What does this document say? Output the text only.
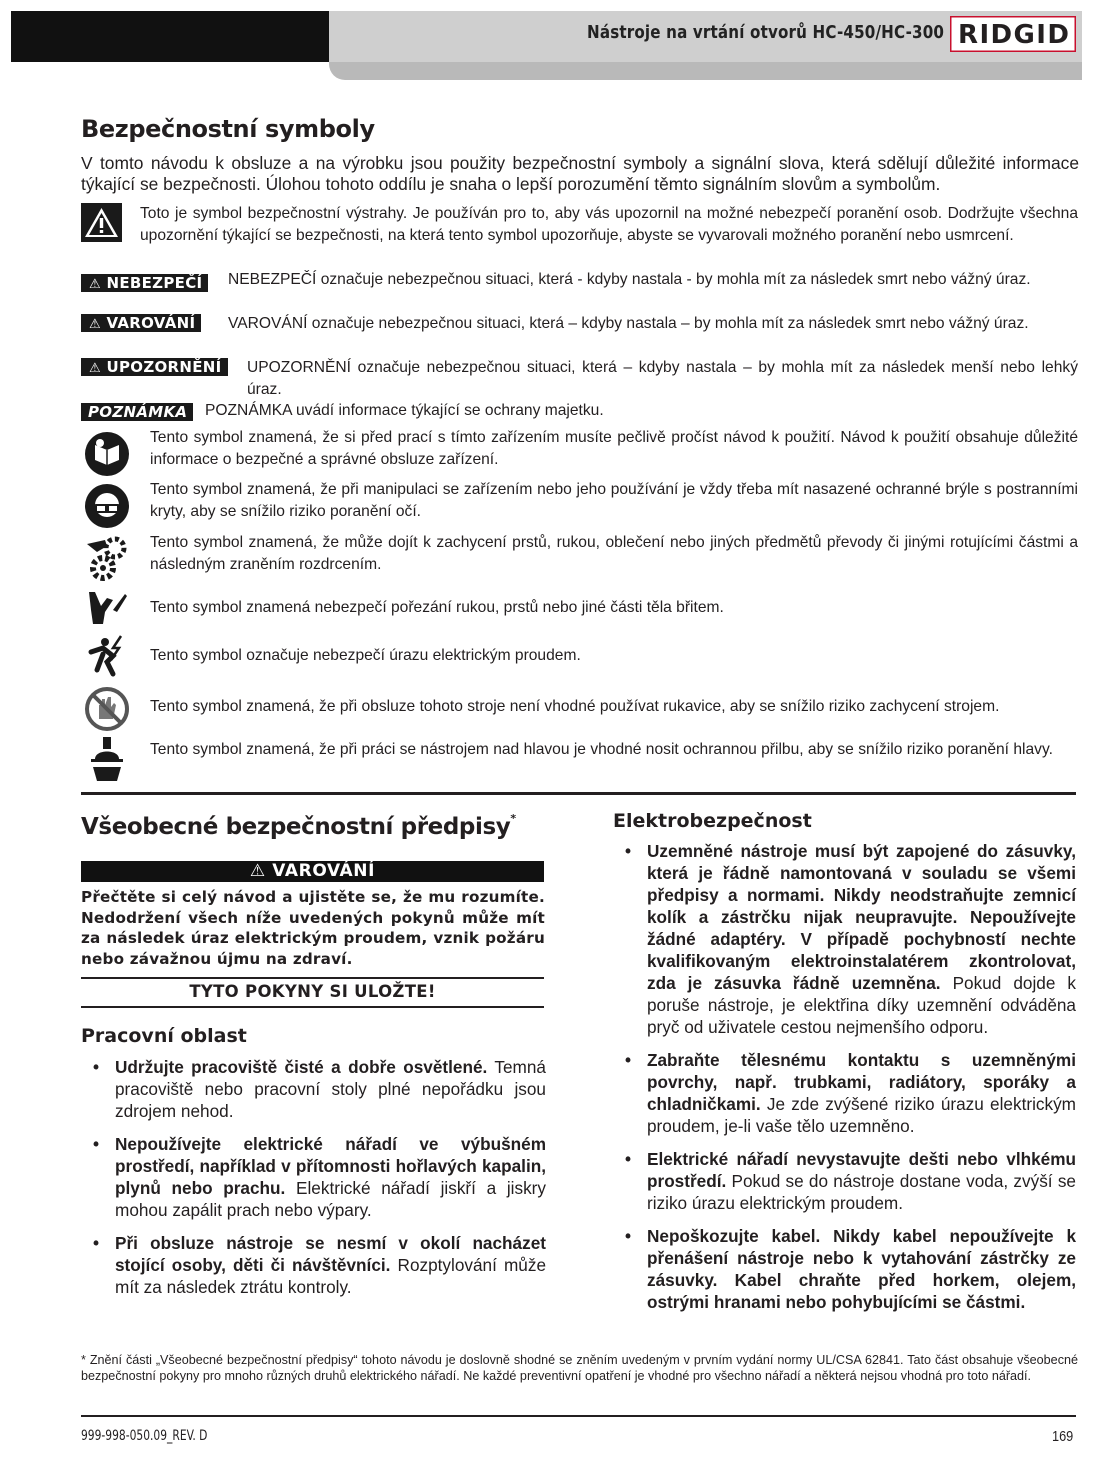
Nástroje na vrtání otvorů HC-450/HC-300 RIDGID
Bezpečnostní symboly
V tomto návodu k obsluze a na výrobku jsou použity bezpečnostní symboly a signální slova, která sdělují důležité informace týkající se bezpečnosti. Úlohou tohoto oddílu je snaha o lepší porozumění těmto signálním slovům a symbolům.
Toto je symbol bezpečnostní výstrahy. Je používán pro to, aby vás upozornil na možné nebezpečí poranění osob. Dodržujte všechna upozornění týkající se bezpečnosti, na která tento symbol upozorňuje, abyste se vyvarovali možného poranění nebo usmrcení.
⚠ NEBEZPEČÍ	NEBEZPEČÍ označuje nebezpečnou situaci, která - kdyby nastala - by mohla mít za následek smrt nebo vážný úraz.
⚠ VAROVÁNÍ	VAROVÁNÍ označuje nebezpečnou situaci, která – kdyby nastala – by mohla mít za následek smrt nebo vážný úraz.
⚠ UPOZORNĚNÍ	UPOZORNĚNÍ označuje nebezpečnou situaci, která – kdyby nastala – by mohla mít za následek menší nebo lehký úraz.
POZNÁMKA	POZNÁMKA uvádí informace týkající se ochrany majetku.
Tento symbol znamená, že si před prací s tímto zařízením musíte pečlivě pročíst návod k použití. Návod k použití obsahuje důležité informace o bezpečné a správné obsluze zařízení.
Tento symbol znamená, že při manipulaci se zařízením nebo jeho používání je vždy třeba mít nasazené ochranné brýle s postranními kryty, aby se snížilo riziko poranění očí.
Tento symbol znamená, že může dojít k zachycení prstů, rukou, oblečení nebo jiných předmětů převody či jinými rotujícími částmi a následným zraněním rozdrcením.
Tento symbol znamená nebezpečí pořezání rukou, prstů nebo jiné části těla břitem.
Tento symbol označuje nebezpečí úrazu elektrickým proudem.
Tento symbol znamená, že při obsluze tohoto stroje není vhodné používat rukavice, aby se snížilo riziko zachycení strojem.
Tento symbol znamená, že při práci se nástrojem nad hlavou je vhodné nosit ochrannou přilbu, aby se snížilo riziko poranění hlavy.
Všeobecné bezpečnostní předpisy*
⚠ VAROVÁNÍ
Přečtěte si celý návod a ujistěte se, že mu rozumíte. Nedodržení všech níže uvedených pokynů může mít za následek úraz elektrickým proudem, vznik požáru nebo závažnou újmu na zdraví.
TYTO POKYNY SI ULOŽTE!
Pracovní oblast
• Udržujte pracoviště čisté a dobře osvětlené. Temná pracoviště nebo pracovní stoly plné nepořádku jsou zdrojem nehod.
• Nepoužívejte elektrické nářadí ve výbušném prostředí, například v přítomnosti hořlavých kapalin, plynů nebo prachu. Elektrické nářadí jiskří a jiskry mohou zapálit prach nebo výpary.
• Při obsluze nástroje se nesmí v okolí nacházet stojící osoby, děti či návštěvníci. Rozptylování může mít za následek ztrátu kontroly.
Elektrobezpečnost
• Uzemněné nástroje musí být zapojené do zásuvky, která je řádně namontovaná v souladu se všemi předpisy a normami. Nikdy neodstraňujte zemnicí kolík a zástrčku nijak neupravujte. Nepoužívejte žádné adaptéry. V případě pochybností nechte kvalifikovaným elektroinstalatérem zkontrolovat, zda je zásuvka řádně uzemněna. Pokud dojde k poruše nástroje, je elektřina díky uzemnění odváděna pryč od uživatele cestou nejmenšího odporu.
• Zabraňte tělesnému kontaktu s uzemněnými povrchy, např. trubkami, radiátory, sporáky a chladničkami. Je zde zvýšené riziko úrazu elektrickým proudem, je-li vaše tělo uzemněno.
• Elektrické nářadí nevystavujte dešti nebo vlhkému prostředí. Pokud se do nástroje dostane voda, zvýší se riziko úrazu elektrickým proudem.
• Nepoškozujte kabel. Nikdy kabel nepoužívejte k přenášení nástroje nebo k vytahování zástrčky ze zásuvky. Kabel chraňte před horkem, olejem, ostrými hranami nebo pohybujícími se částmi.
* Znění části „Všeobecné bezpečnostní předpisy“ tohoto návodu je doslovně shodné se zněním uvedeným v prvním vydání normy UL/CSA 62841. Tato část obsahuje všeobecné bezpečnostní pokyny pro mnoho různých druhů elektrického nářadí. Ne každé preventivní opatření je vhodné pro všechno nářadí a některá nejsou vhodná pro toto nářadí.
999-998-050.09_REV. D	169
